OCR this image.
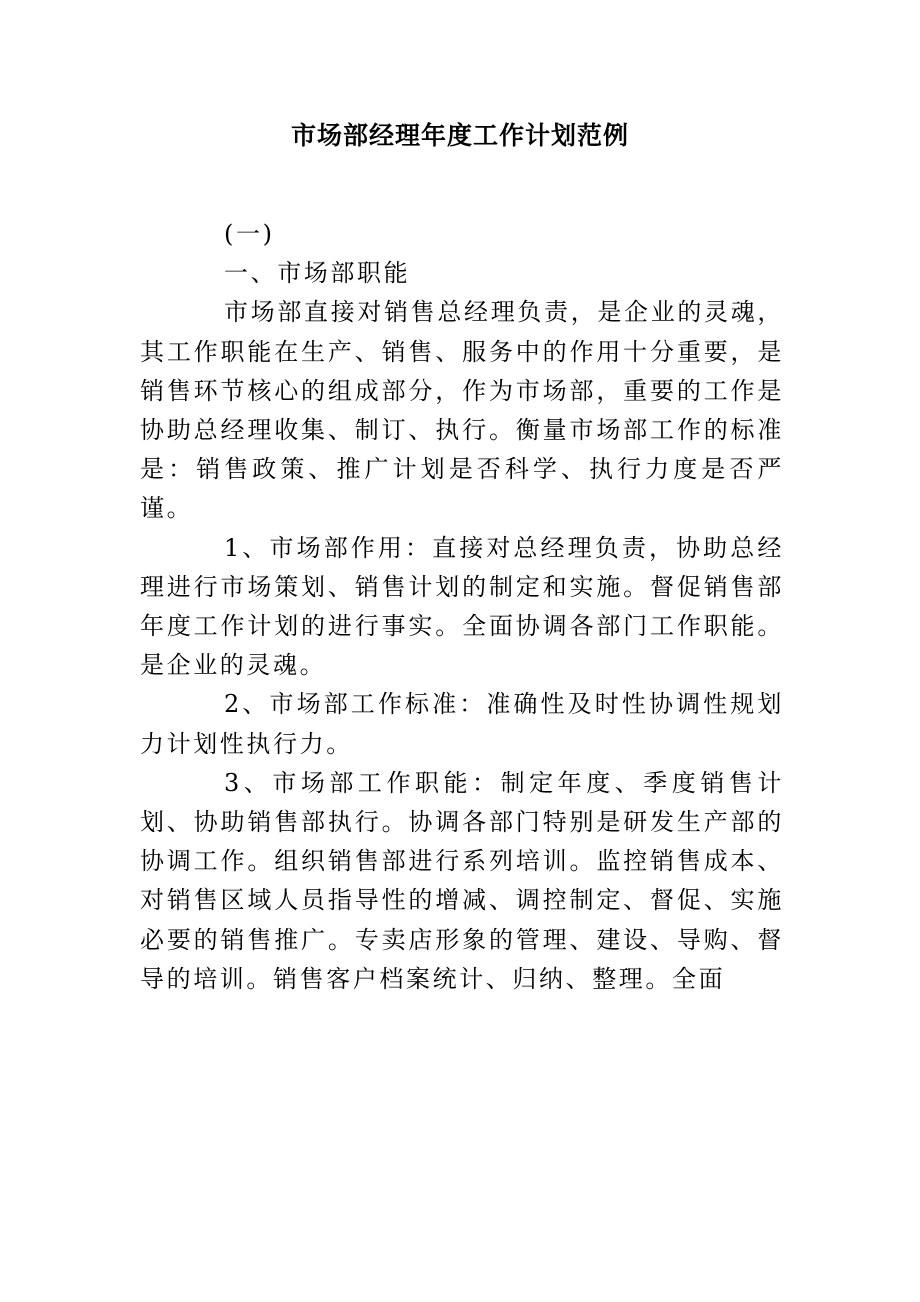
市场部经理年度工作计划范例

(一)

一、市场部职能

市场部直接对销售总经理负责，是企业的灵魂，其工作职能在生产、销售、服务中的作用十分重要，是销售环节核心的组成部分，作为市场部，重要的工作是协助总经理收集、制订、执行。衡量市场部工作的标准是：销售政策、推广计划是否科学、执行力度是否严谨。

1、市场部作用：直接对总经理负责，协助总经理进行市场策划、销售计划的制定和实施。督促销售部年度工作计划的进行事实。全面协调各部门工作职能。是企业的灵魂。

2、市场部工作标准：准确性及时性协调性规划力计划性执行力。

3、市场部工作职能：制定年度、季度销售计划、协助销售部执行。协调各部门特别是研发生产部的协调工作。组织销售部进行系列培训。监控销售成本、对销售区域人员指导性的增减、调控制定、督促、实施必要的销售推广。专卖店形象的管理、建设、导购、督导的培训。销售客户档案统计、归纳、整理。全面
